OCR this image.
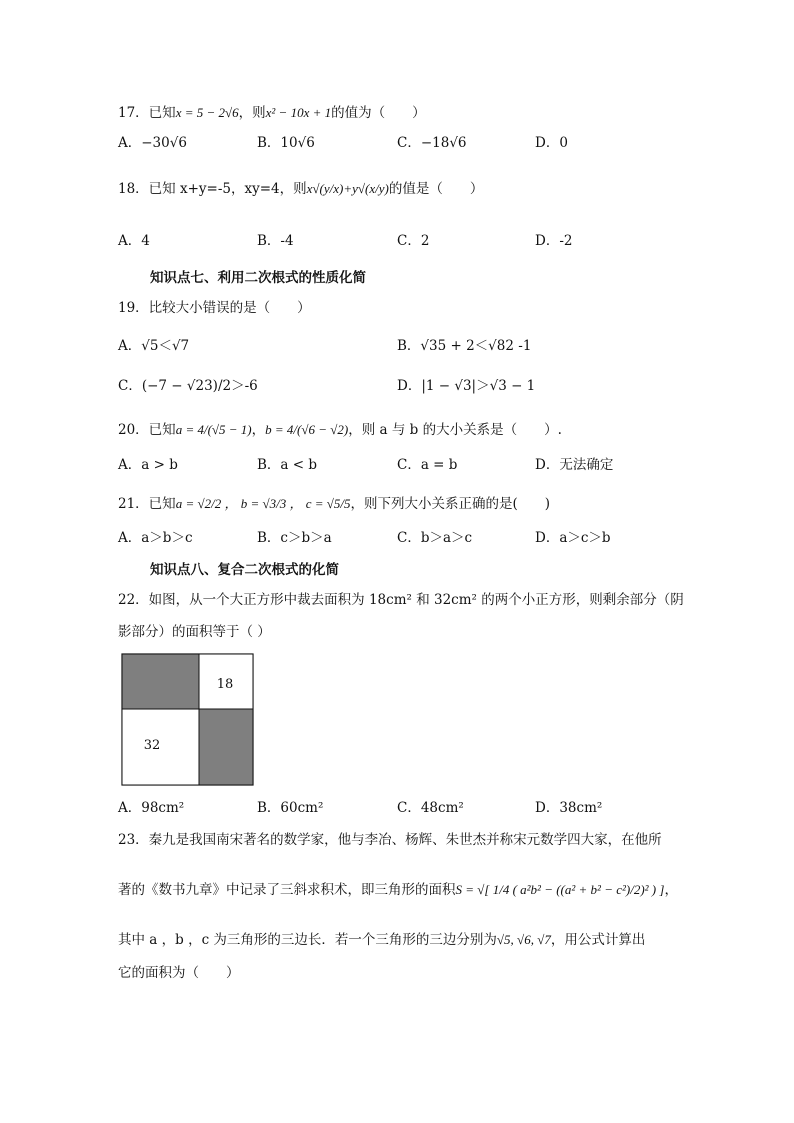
17．已知x = 5 − 2√6，则x² − 10x + 1的值为（　　）
A．−30√6	B．10√6	C．−18√6	D．0
18．已知 x+y=-5，xy=4，则x√(y/x)+y√(x/y)的值是（　　）
A．4	B．-4	C．2	D．-2
知识点七、利用二次根式的性质化简
19．比较大小错误的是（　　）
A．√5＜√7	B．√35 + 2＜√82 -1
C．(−7 − √23)/2＞-6	D．|1 − √3|＞√3 − 1
20．已知a = 4/(√5 − 1)，b = 4/(√6 − √2)，则 a 与 b 的大小关系是（　　）.
A．a > b	B．a < b	C．a = b	D．无法确定
21．已知a = √2/2 ， b = √3/3 ， c = √5/5，则下列大小关系正确的是(　　)
A．a＞b＞c	B．c＞b＞a	C．b＞a＞c	D．a＞c＞b
知识点八、复合二次根式的化简
22．如图，从一个大正方形中裁去面积为 18cm² 和 32cm² 的两个小正方形，则剩余部分（阴
影部分）的面积等于（ ）
18
32
A．98cm²	B．60cm²	C．48cm²	D．38cm²
23．秦九是我国南宋著名的数学家，他与李冶、杨辉、朱世杰并称宋元数学四大家，在他所
著的《数书九章》中记录了三斜求积术，即三角形的面积S = √[ 1/4 ( a²b² − ((a² + b² − c²)/2)² ) ]，
其中 a ，b ，c 为三角形的三边长．若一个三角形的三边分别为√5, √6, √7，用公式计算出
它的面积为（　　）
